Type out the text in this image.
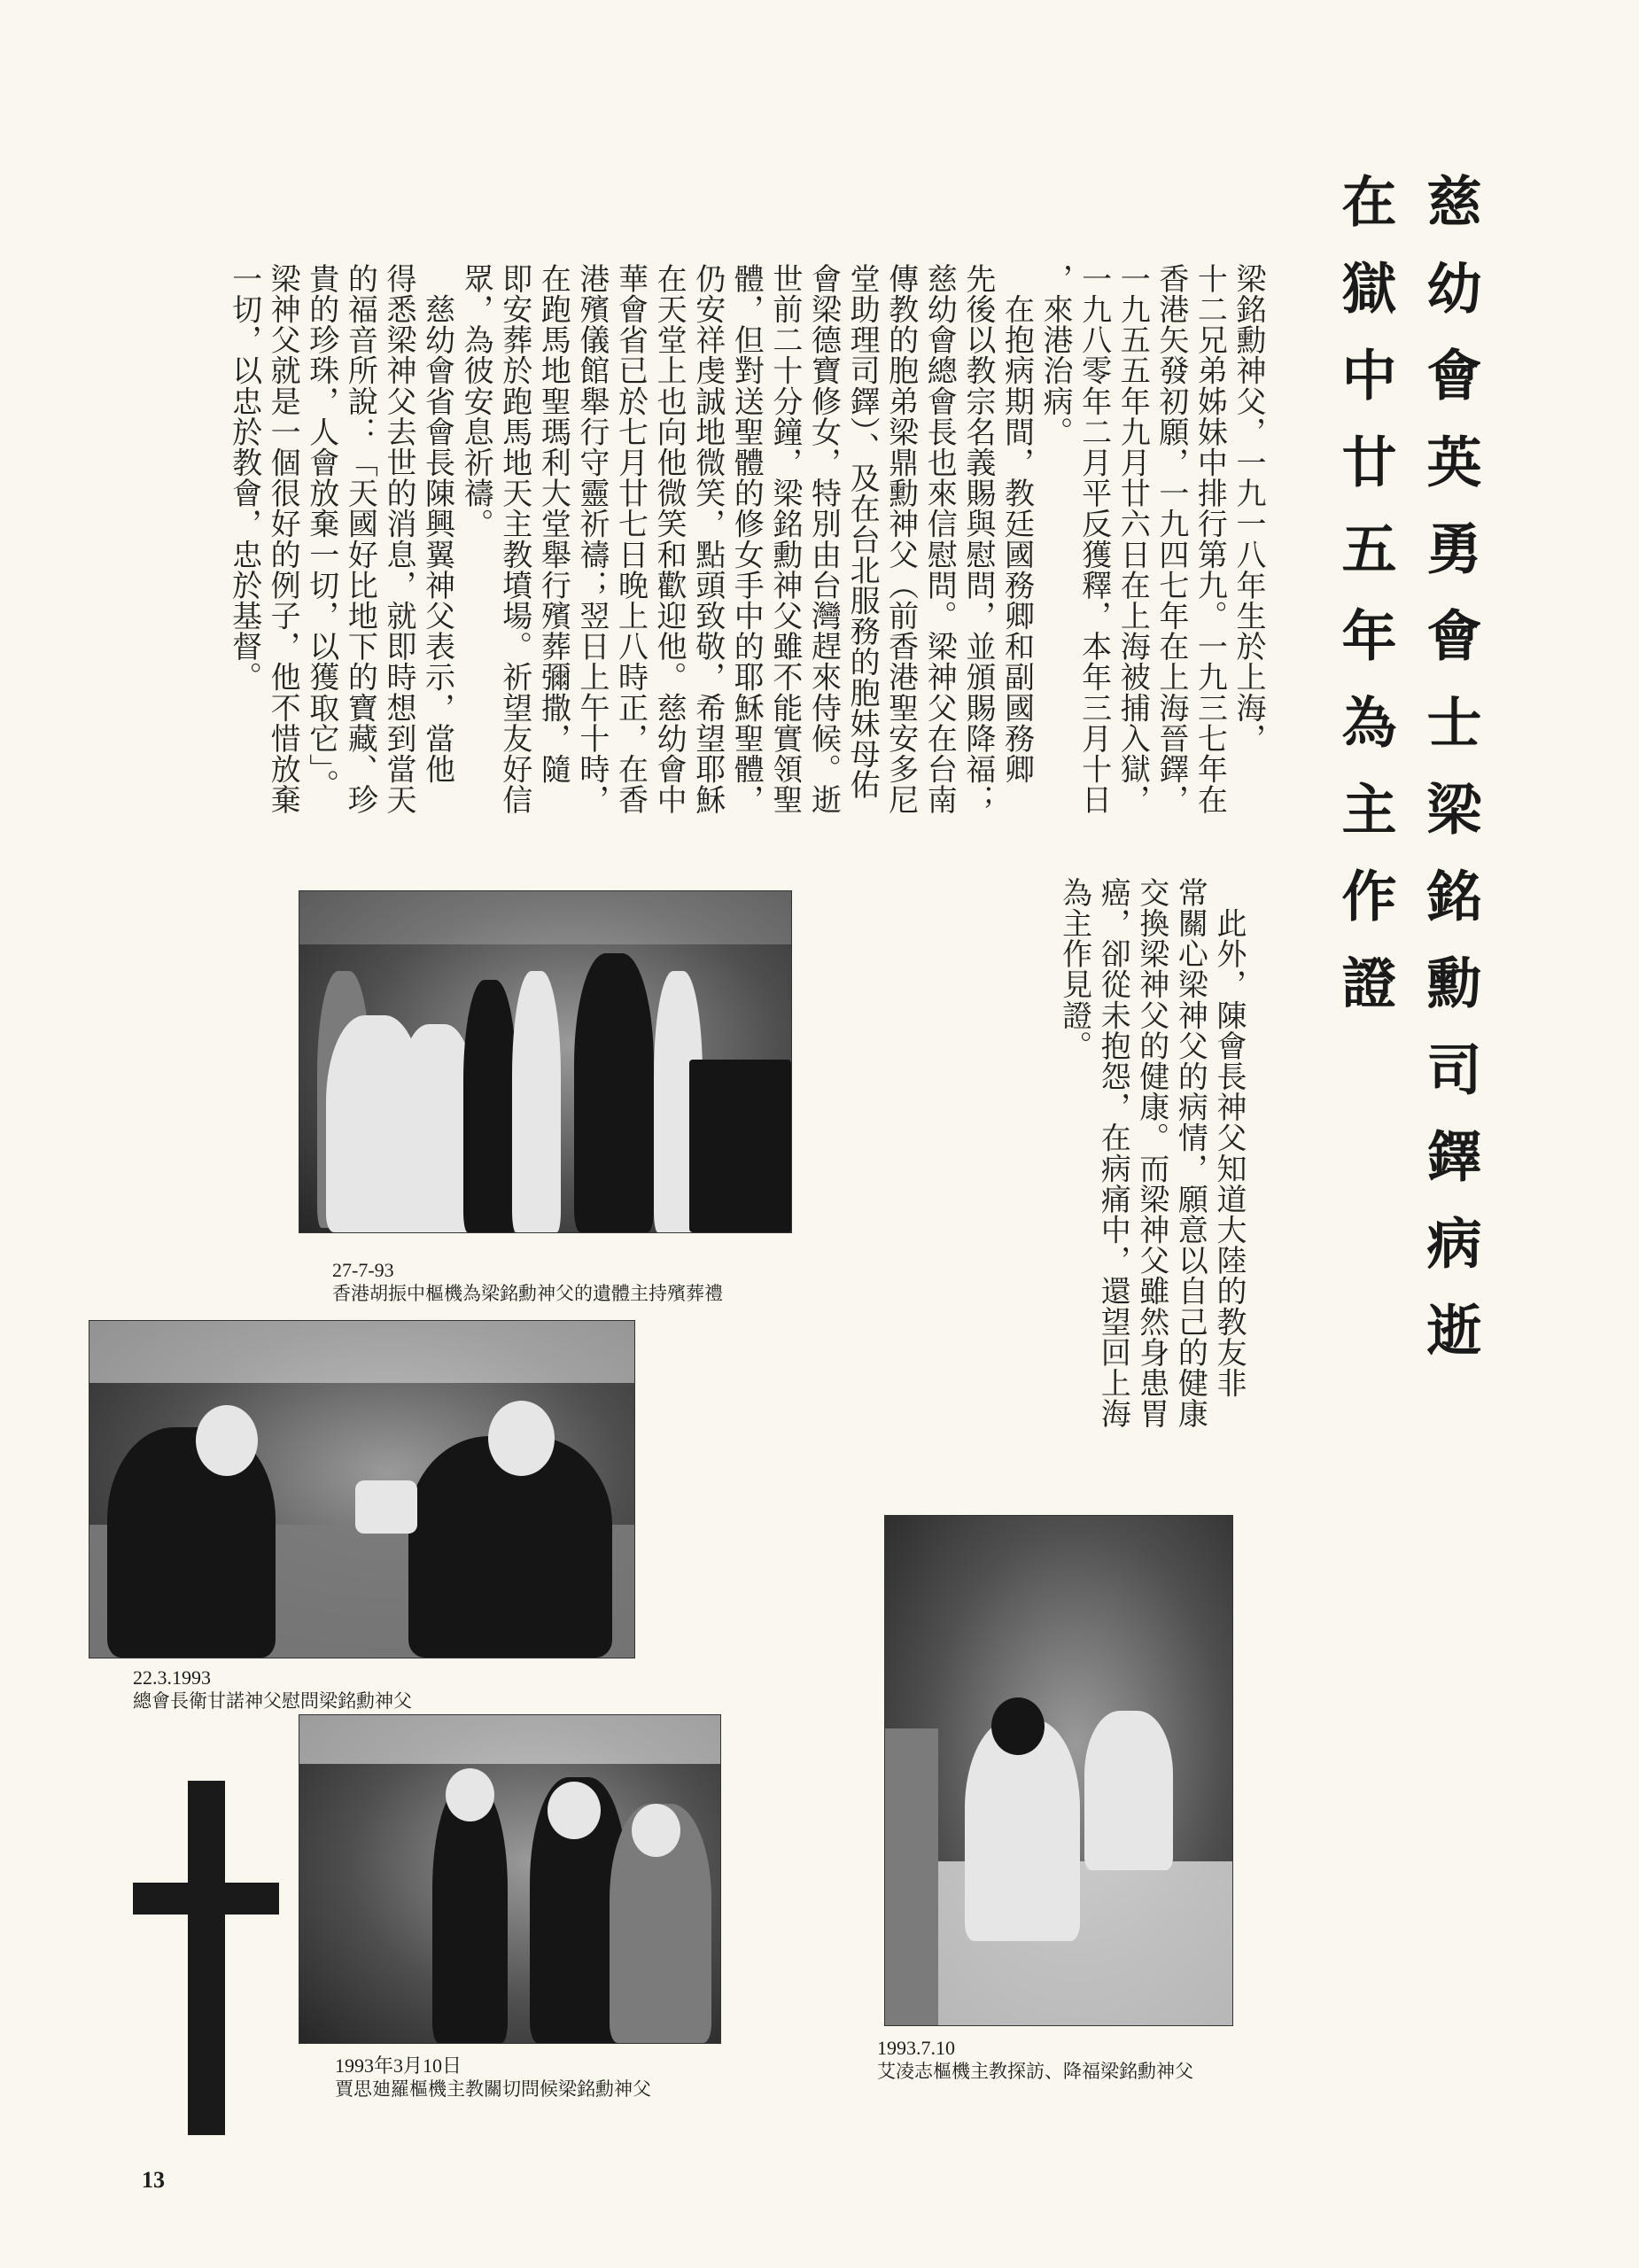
慈幼會英勇會士梁銘勳司鐸病逝
在獄中廿五年為主作證
梁銘勳神父，一九一八年生於上海，
十二兄弟姊妹中排行第九。一九三七年在
香港矢發初願，一九四七年在上海晉鐸，
一九五五年九月廿六日在上海被捕入獄，
一九八零年二月平反獲釋，本年三月十日
，來港治病。
　在抱病期間，教廷國務卿和副國務卿
先後以教宗名義賜與慰問，並頒賜降福；
慈幼會總會長也來信慰問。梁神父在台南
傳教的胞弟梁鼎勳神父（前香港聖安多尼
堂助理司鐸）、及在台北服務的胞妹母佑
會梁德寶修女，特別由台灣趕來侍候。逝
世前二十分鐘，梁銘勳神父雖不能實領聖
體，但對送聖體的修女手中的耶穌聖體，
仍安祥虔誠地微笑，點頭致敬，希望耶穌
在天堂上也向他微笑和歡迎他。慈幼會中
華會省已於七月廿七日晚上八時正，在香
港殯儀館舉行守靈祈禱；翌日上午十時，
在跑馬地聖瑪利大堂舉行殯葬彌撒，隨
即安葬於跑馬地天主教墳場。祈望友好信
眾，為彼安息祈禱。
　慈幼會省會長陳興翼神父表示，當他
得悉梁神父去世的消息，就即時想到當天
的福音所說：「天國好比地下的寶藏、珍
貴的珍珠，人會放棄一切，以獲取它」。
梁神父就是一個很好的例子，他不惜放棄
一切，以忠於教會，忠於基督。
　此外，陳會長神父知道大陸的教友非
常關心梁神父的病情，願意以自己的健康
交換梁神父的健康。而梁神父雖然身患胃
癌，卻從未抱怨，在病痛中，還望回上海
為主作見證。
27-7-93
香港胡振中樞機為梁銘勳神父的遺體主持殯葬禮
22.3.1993
總會長衛甘諾神父慰問梁銘勳神父
1993年3月10日
賈思廸羅樞機主教關切問候梁銘勳神父
1993.7.10
艾凌志樞機主教探訪、降福梁銘勳神父
13
